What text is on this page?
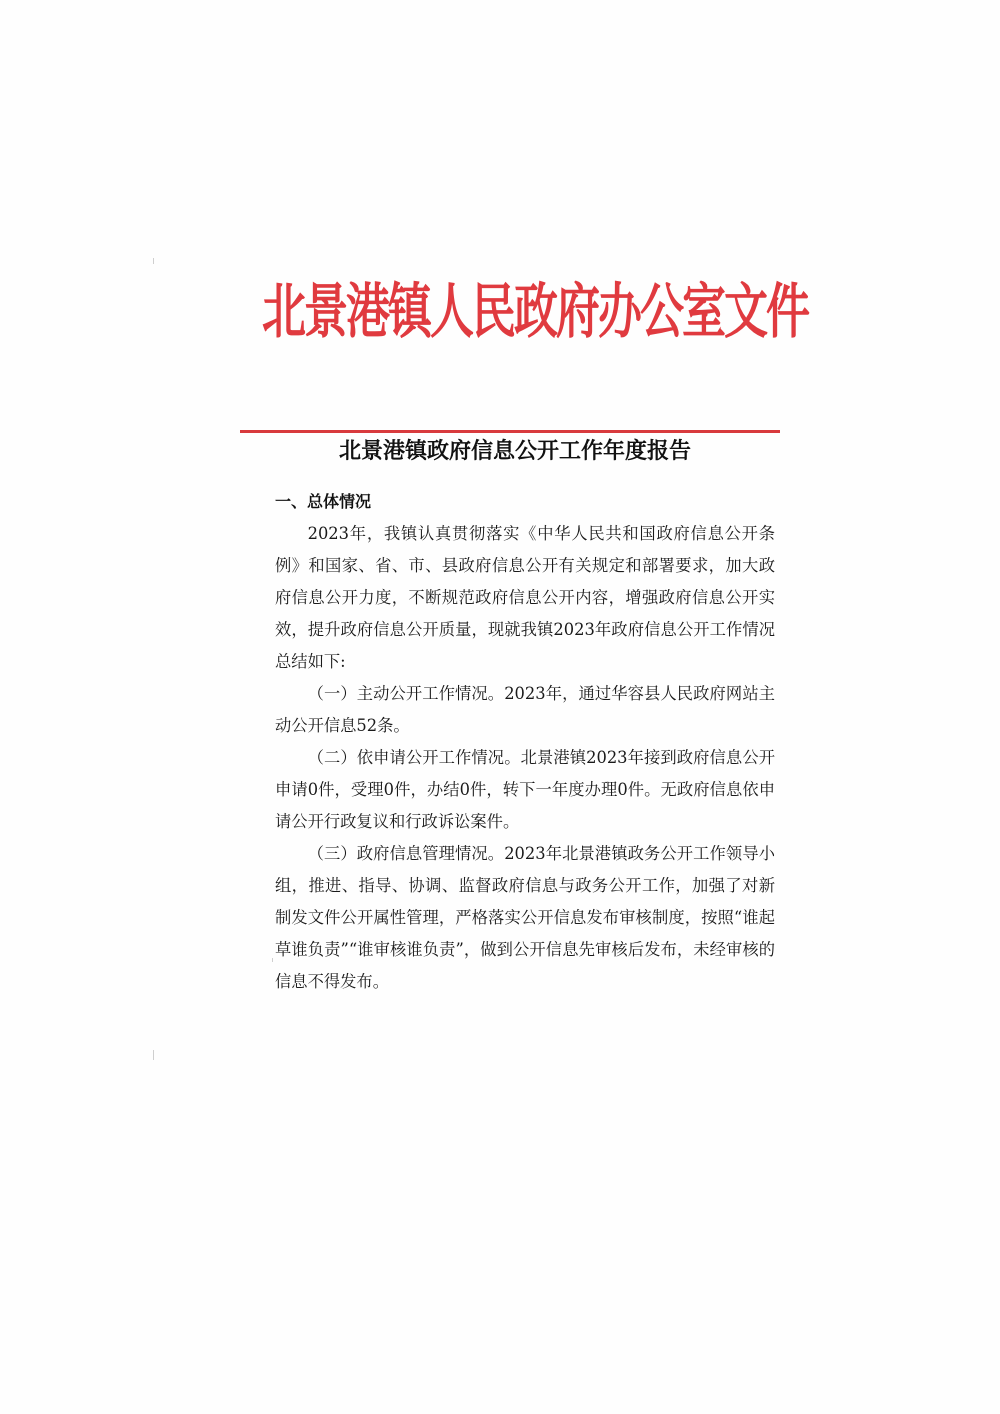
北景港镇人民政府办公室文件
北景港镇政府信息公开工作年度报告
一、总体情况

2023年，我镇认真贯彻落实《中华人民共和国政府信息公开条例》和国家、省、市、县政府信息公开有关规定和部署要求，加大政府信息公开力度，不断规范政府信息公开内容，增强政府信息公开实效，提升政府信息公开质量，现就我镇2023年政府信息公开工作情况总结如下:

（一）主动公开工作情况。2023年，通过华容县人民政府网站主动公开信息52条。

（二）依申请公开工作情况。北景港镇2023年接到政府信息公开申请0件，受理0件，办结0件，转下一年度办理0件。无政府信息依申请公开行政复议和行政诉讼案件。

（三）政府信息管理情况。2023年北景港镇政务公开工作领导小组，推进、指导、协调、监督政府信息与政务公开工作，加强了对新制发文件公开属性管理，严格落实公开信息发布审核制度，按照“谁起草谁负责”“谁审核谁负责”，做到公开信息先审核后发布，未经审核的信息不得发布。
